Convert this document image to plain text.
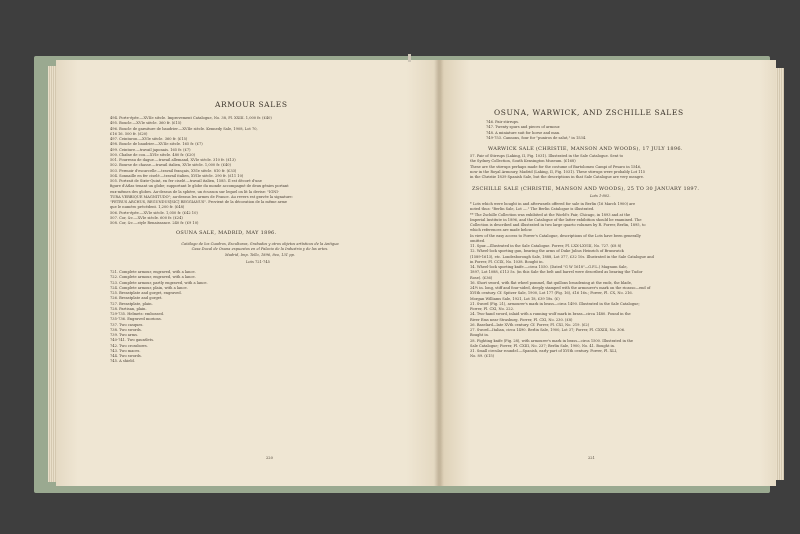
ARMOUR SALES
494. Porte-épée.—XVIIe siècle. Improvement Catalogue, No. 38, Pl. XXIII. 1,000 fr. (£40)
495. Boucle.—XVIe siècle. 360 fr. (£15)
496. Boucle de garniture de baudrier.—XVIIe siècle. Kennedy Sale, 1908, Lot 70,
£16 16. 500 fr. (£20)
497. Ceinturon.—XVIe siècle. 360 fr. (£15)
498. Boucle de baudrier.—XVIIe siècle. 165 fr. (£7)
499. Ceinture.—travail japonais. 165 fr. (£7)
500. Chaîne de cou.—XVIe siècle. 480 fr. (£20)
501. Fourreau de dague.—travail allemand, XVIe siècle. 310 fr. (£13)
502. Bourse de chasse.—travail italien, XVIe siècle. 1,000 fr. (£40)
503. Fermoir d'escarcelle.—travail français, XVIe siècle. 810 fr. (£33)
504. Sonnaille en fer ciselé.—travail italien, XVIIe siècle. 290 fr. (£11 10)
505. Portrait de Sixte-Quint, en fer ciselé.—travail italien, 1585. Il est décoré d'une
figure d'Atlas tenant un globe; supportant le globe du monde accompagné de deux génies portant
eux-mêmes des globes. Au-dessus de la sphère, un écusson sur lequel on lit la devise: "IGNI-
TURA VERBIQUE MAGNITUDO"; au-dessus les armes de France. Au revers est gravée la signature:
"PETRUS ARCHUS, REGUNDUS[SIC] REGGIANUS". Provient de la décoration de la même arme
que le numéro précédent. 1,200 fr. (£48)
506. Porte-épée.—XVIe siècle. 1,050 fr. (£42 10)
507. Cor, &c.—XVIe siècle. 600 fr. (£24)
508. Cor, &c.—style Renaissance. 240 fr. (£9 10)
OSUNA SALE, MADRID, MAY 1896.
Catálogo de los Cuadros, Esculturas, Grabados y otros objetos artísticos de la Antigua
Casa Ducal de Osuna expuestos en el Palacio de la Industria y de las artes.
Madrid, Imp. Tello, 1896, 8vo, 131 pp.
Lots 721-745
721. Complete armour, engraved, with a lance.
722. Complete armour, engraved, with a lance.
723. Complete armour, partly engraved, with a lance.
724. Complete armour, plain, with a lance.
725. Breastplate and gorget, engraved.
726. Breastplate and gorget.
727. Breastplate, plain.
728. Partisan, plain.
729-735. Helmets: embossed.
735-736. Engraved morions.
737. Two casques.
738. Two swords.
739. Two arms.
740-741. Two gauntlets.
742. Two crossbows.
743. Two maces.
744. Two swords.
745. A shield.
220
OSUNA, WARWICK, AND ZSCHILLE SALES
746. Pair stirrups.
747. Twenty spurs and pieces of armour.
748. A miniature suit for horse and man.
749-753. Cannons, four for "puniros de salut," in 1534.
WARWICK SALE (CHRISTIE, MANSON AND WOODS), 17 JULY 1896.
57. Pair of Stirrups (Laking, II, Fig. 1031). Illustrated in the Sale Catalogue. Sent to
the Sydney Collection, South Kensington Museum. (£168)
These are the stirrups perhaps made for the costume of Bartolomeo Campi of Pesaro in 1546,
now in the Royal Armoury, Madrid (Laking, II, Fig. 1031). These stirrups were probably Lot 115
in the Christie 1839 Spanish Sale, but the descriptions in that Sale Catalogue are very meagre.
ZSCHILLE SALE (CHRISTIE, MANSON AND WOODS), 25 TO 30 JANUARY 1897.
Lots 1-802.
* Lots which were bought in and afterwards offered for sale in Berlin (16 March 1900) are
noted thus: "Berlin Sale, Lot —." The Berlin Catalogue is illustrated.
** The Zschille Collection was exhibited at the World's Fair, Chicago, in 1893 and at the
Imperial Institute in 1896, and the Catalogue of the latter exhibition should be examined. The
Collection is described and illustrated in two large quarto volumes by R. Forrer, Berlin, 1895, to
which references are made below.
In view of the easy access to Forrer's Catalogue, descriptions of the Lots have been generally
omitted.
11. Spur.—Illustrated in the Sale Catalogue. Forrer, Pl. LXX-LXVIII, No. 727. (£8 8)
12. Wheel-lock sporting gun, bearing the arms of Duke Julius Heinrich of Brunswick
(1589-1613), etc. Londesborough Sale, 1888, Lot 377, £32 10s. Illustrated in the Sale Catalogue and
in Forrer, Pl. CCIX, No. 1038. Bought in.
14. Wheel-lock sporting knife.—circa 1550. (Dated "G W 1618"—G.F.L.) Magnum Sale,
1897, Lot 1088, £113 5s. (in this Sale the belt and barrel were described as bearing the Tudor
Rose). (£36)
16. Short sword, with flat wheel pommel, flat quillons broadening at the ends, the blade,
24½ in. long, stiff and four-sided, deeply stamped with the armourer's mark on the ricasso—end of
XVIth century. Cf. Spitzer Sale, 1900, Lot 177 (Fig. 16), £16 16s.; Forrer, Pl. CX, No. 216.
Morgan Williams Sale, 1921, Lot 18, £39 18s. (£)
21. Sword (Fig. 21), armourer's mark in brass—circa 1490. Illustrated in the Sale Catalogue;
Forrer, Pl. CXI, No. 222.
24. Two-hand sword, inlaid with a running wolf mark in brass—circa 1480. Found in the
River Ems near Strasburg. Forrer, Pl. CXI, No. 230. (£8)
26. Baselard—late XVth century. Cf. Forrer, Pl. CXI, No. 219. (£2)
27. Sword—Italian, circa 1490. Berlin Sale, 1900, Lot 37; Forrer, Pl. CXXIII, No. 306.
Bought in.
28. Fighting knife (Fig. 28), with armourer's mark in brass—circa 1500. Illustrated in the
Sale Catalogue; Forrer, Pl. CXIII, No. 237; Berlin Sale, 1900, No. 41. Bought in.
31. Small circular roundel.—Spanish, early part of XVIth century. Forrer, Pl. XLI,
No. 89. (£15)
221
